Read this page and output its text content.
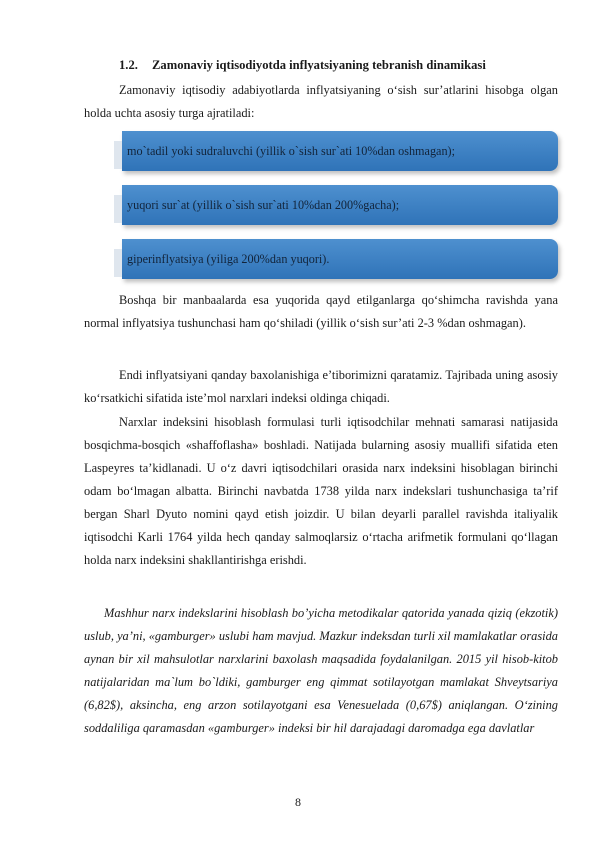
1.2. Zamonaviy iqtisodiyotda inflyatsiyaning tebranish dinamikasi

Zamonaviy iqtisodiy adabiyotlarda inflyatsiyaning o‘sish sur’atlarini hisobga olgan holda uchta asosiy turga ajratiladi:

mo`tadil yoki sudraluvchi (yillik o`sish sur`ati 10%dan oshmagan);
yuqori sur`at (yillik o`sish sur`ati 10%dan 200%gacha);
giperinflyatsiya (yiliga 200%dan yuqori).

Boshqa bir manbaalarda esa yuqorida qayd etilganlarga qo‘shimcha ravishda yana normal inflyatsiya tushunchasi ham qo‘shiladi (yillik o‘sish sur’ati 2-3 %dan oshmagan).

Endi inflyatsiyani qanday baxolanishiga e’tiborimizni qaratamiz. Tajribada uning asosiy ko‘rsatkichi sifatida iste’mol narxlari indeksi oldinga chiqadi.

Narxlar indeksini hisoblash formulasi turli iqtisodchilar mehnati samarasi natijasida bosqichma-bosqich «shaffoflasha» boshladi. Natijada bularning asosiy muallifi sifatida eten Laspeyres ta’kidlanadi. U o‘z davri iqtisodchilari orasida narx indeksini hisoblagan birinchi odam bo‘lmagan albatta. Birinchi navbatda 1738 yilda narx indekslari tushunchasiga ta’rif bergan Sharl Dyuto nomini qayd etish joizdir. U bilan deyarli parallel ravishda italiyalik iqtisodchi Karli 1764 yilda hech qanday salmoqlarsiz o‘rtacha arifmetik formulani qo‘llagan holda narx indeksini shakllantirishga erishdi.

Mashhur narx indekslarini hisoblash bo’yicha metodikalar qatorida yanada qiziq (ekzotik) uslub, ya’ni, «gamburger» uslubi ham mavjud. Mazkur indeksdan turli xil mamlakatlar orasida aynan bir xil mahsulotlar narxlarini baxolash maqsadida foydalanilgan. 2015 yil hisob-kitob natijalaridan ma`lum bo`ldiki, gamburger eng qimmat sotilayotgan mamlakat Shveytsariya (6,82$), aksincha, eng arzon sotilayotgani esa Venesuelada (0,67$) aniqlangan. O‘zining soddaliliga qaramasdan «gamburger» indeksi bir hil darajadagi daromadga ega davlatlar

8
